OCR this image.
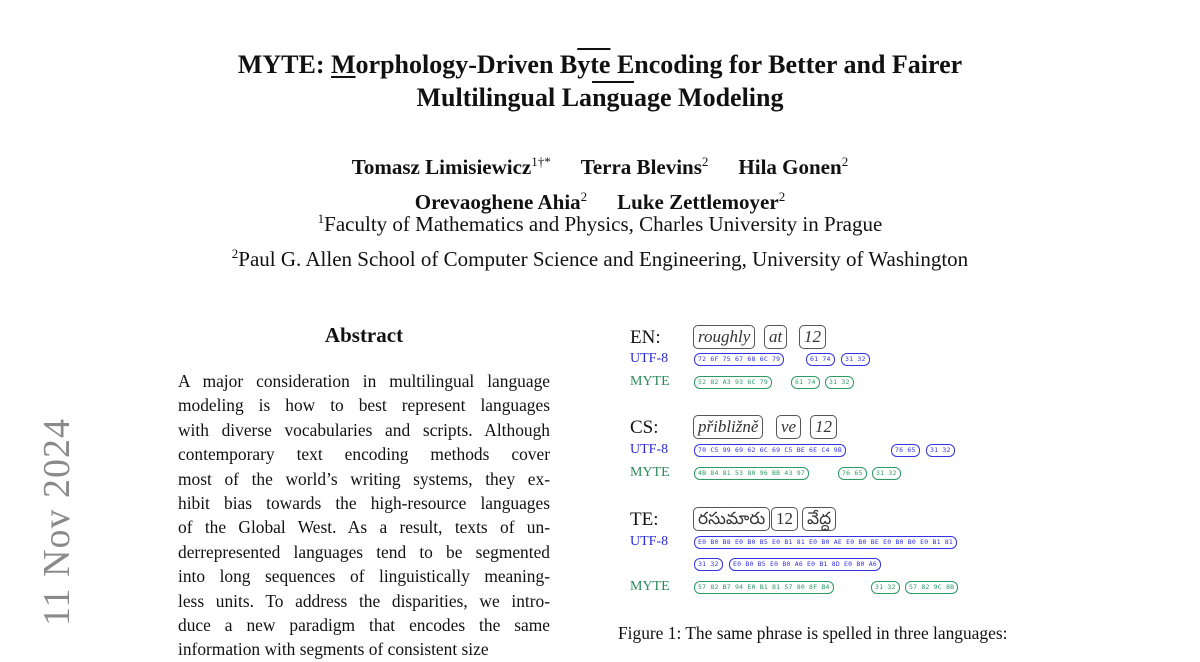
MYTE: Morphology-Driven $B\overline{yte}$ Encoding for Better and Fairer
Multilingual $La\overline{ngu}age$ Modeling
Tomasz Limisiewicz$^{1\dagger*}$ Terra Blevins$^2$ Hila Gonen$^2$
Orevaoghene Ahia$^2$ Luke Zettlemoyer$^2$
$^1$Faculty of Mathematics and Physics, Charles University in Prague
$^2$Paul G. Allen School of Computer Science and Engineering, University of Washington
11 Nov 2024
Abstract
A major consideration in multilingual language
modeling is how to best represent languages
with diverse vocabularies and scripts. Although
contemporary text encoding methods cover
most of the world’s writing systems, they ex-
hibit bias towards the high-resource languages
of the Global West. As a result, texts of un-
derrepresented languages tend to be segmented
into long sequences of linguistically meaning-
less units. To address the disparities, we intro-
duce a new paradigm that encodes the same
information with segments of consistent size
EN: roughly at 12
UTF-8	72 6F 75 67 68 6C 79	61 74	31 32
MYTE	52 82 A3 93 6C 79	61 74	31 32
CS: přibližně ve 12
UTF-8	70 C5 99 69 62 6C 69 C5 BE 6E C4 9B	76 65	31 32
MYTE	4B 84 81 53 80 96 BB 43 97	76 65	31 32
TE: రసుమారు 12 వేద్ద
UTF-8	E0 B0 B8 E0 B0 B5 E0 B1 81 E0 B0 AE E0 B0 BE E0 B0 B0 E0 B1 81
31 32	E0 B0 B5 E0 B0 A6 E0 B1 8D E0 B0 A6
MYTE	57 82 B7 94 E0 B1 81 57 80 8F B4	31 32	57 82 9C 8B
Figure 1: The same phrase is spelled in three languages:
